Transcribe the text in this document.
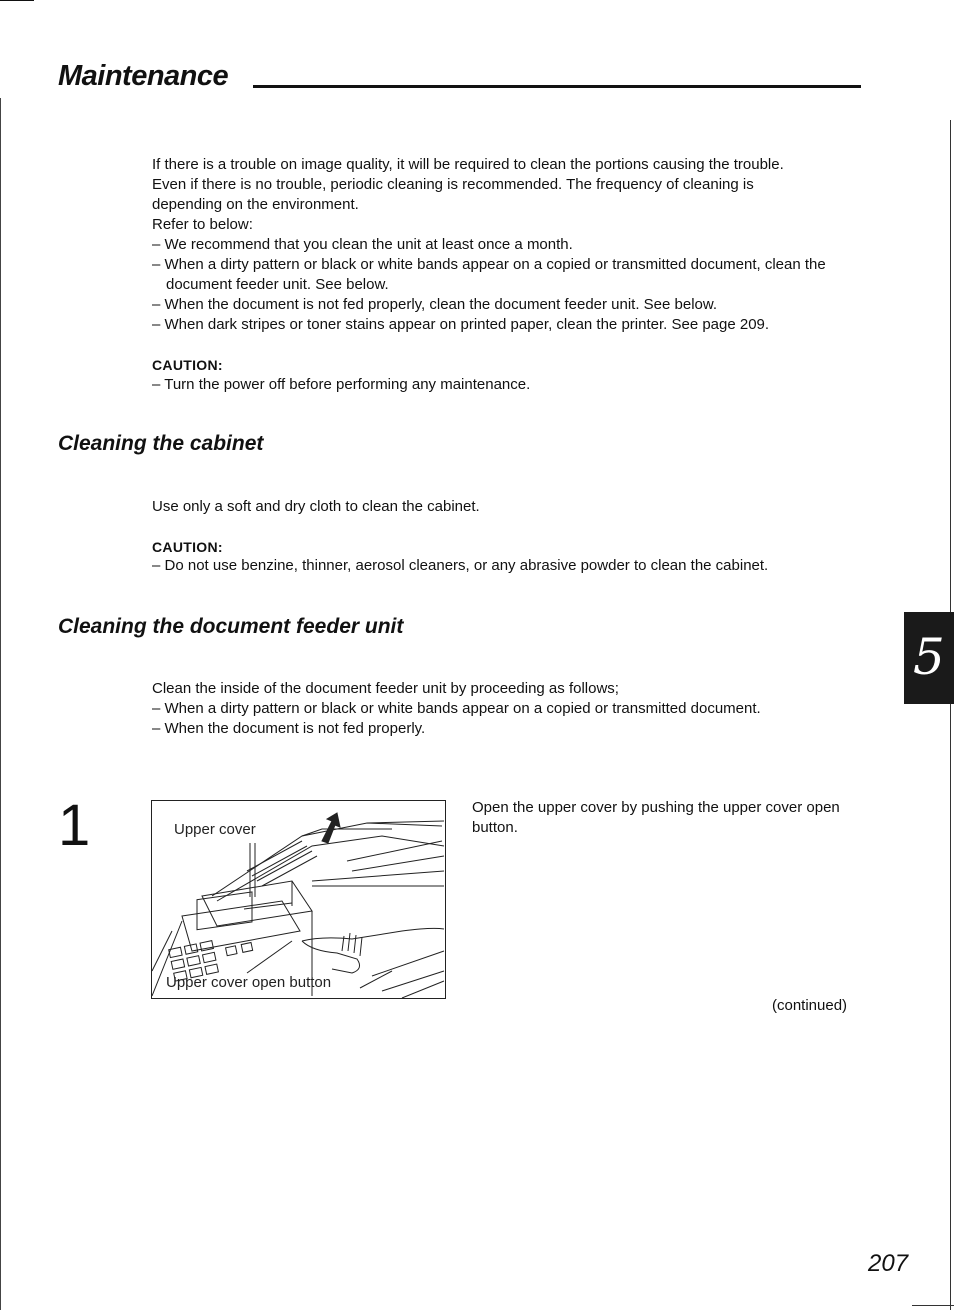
Maintenance

If there is a trouble on image quality, it will be required to clean the portions causing the trouble.

Even if there is no trouble, periodic cleaning is recommended. The frequency of cleaning is

depending on the environment.

Refer to below:

– We recommend that you clean the unit at least once a month.
– When a dirty pattern or black or white bands appear on a copied or transmitted document, clean the document feeder unit. See below.
– When the document is not fed properly, clean the document feeder unit. See below.
– When dark stripes or toner stains appear on printed paper, clean the printer. See page 209.

CAUTION:

– Turn the power off before performing any maintenance.

Cleaning the cabinet

Use only a soft and dry cloth to clean the cabinet.

CAUTION:

– Do not use benzine, thinner, aerosol cleaners, or any abrasive powder to clean the cabinet.

Cleaning the document feeder unit

Clean the inside of the document feeder unit by proceeding as follows;

– When a dirty pattern or black or white bands appear on a copied or transmitted document.

– When the document is not fed properly.

1	Upper cover
Upper cover open button

Open the upper cover by pushing the upper cover open button.

(continued)
5
207
